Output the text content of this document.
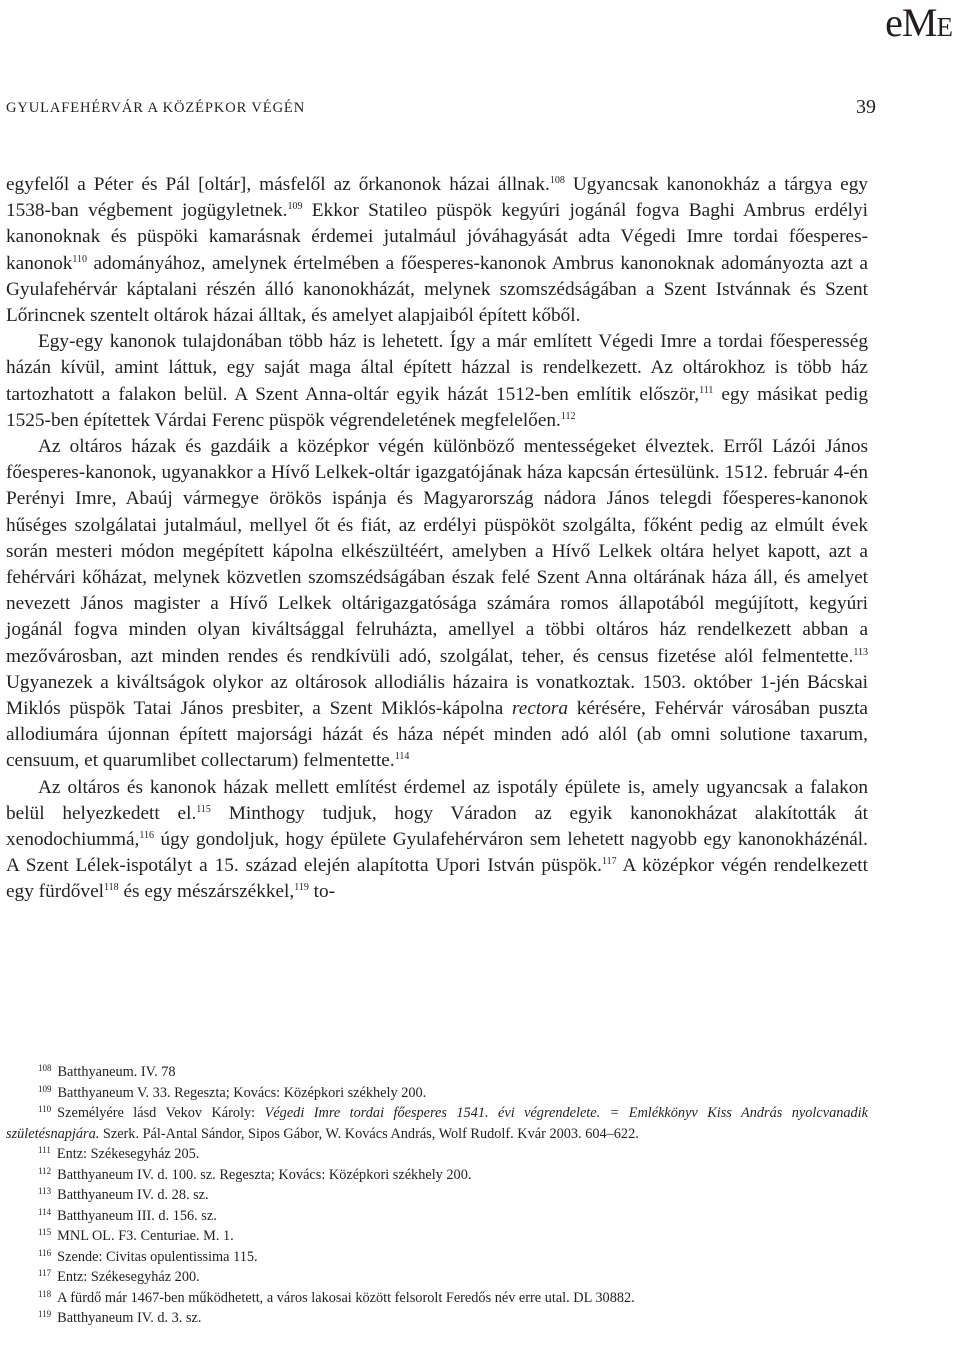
eME
GYULAFEHÉRVÁR A KÖZÉPKOR VÉGÉN	39

egyfelől a Péter és Pál [oltár], másfelől az őrkanonok házai állnak.$^{108}$ Ugyancsak kanonokház a tárgya egy 1538-ban végbement jogügyletnek.$^{109}$ Ekkor Statileo püspök kegyúri jogánál fogva Baghi Ambrus erdélyi kanonoknak és püspöki kamarásnak érdemei jutalmául jóváhagyását adta Végedi Imre tordai főesperes-kanonok$^{110}$ adományához, amelynek értelmében a főesperes-kanonok Ambrus kanonoknak adományozta azt a Gyulafehérvár káptalani részén álló kanonokházát, melynek szomszédságában a Szent Istvánnak és Szent Lőrincnek szentelt oltárok házai álltak, és amelyet alapjaiból épített kőből.

Egy-egy kanonok tulajdonában több ház is lehetett. Így a már említett Végedi Imre a tordai főesperesség házán kívül, amint láttuk, egy saját maga által épített házzal is rendelkezett. Az oltárokhoz is több ház tartozhatott a falakon belül. A Szent Anna-oltár egyik házát 1512-ben említik először,$^{111}$ egy másikat pedig 1525-ben építettek Várdai Ferenc püspök végrendeletének megfelelően.$^{112}$

Az oltáros házak és gazdáik a középkor végén különböző mentességeket élveztek. Erről Lázói János főesperes-kanonok, ugyanakkor a Hívő Lelkek-oltár igazgatójának háza kapcsán értesülünk. 1512. február 4-én Perényi Imre, Abaúj vármegye örökös ispánja és Magyarország nádora János telegdi főesperes-kanonok hűséges szolgálatai jutalmául, mellyel őt és fiát, az erdélyi püspököt szolgálta, főként pedig az elmúlt évek során mesteri módon megépített kápolna elkészültéért, amelyben a Hívő Lelkek oltára helyet kapott, azt a fehérvári kőházat, melynek közvetlen szomszédságában észak felé Szent Anna oltárának háza áll, és amelyet nevezett János magister a Hívő Lelkek oltárigazgatósága számára romos állapotából megújított, kegyúri jogánál fogva minden olyan kiváltsággal felruházta, amellyel a többi oltáros ház rendelkezett abban a mezővárosban, azt minden rendes és rendkívüli adó, szolgálat, teher, és census fizetése alól felmentette.$^{113}$ Ugyanezek a kiváltságok olykor az oltárosok allodiális házaira is vonatkoztak. 1503. október 1-jén Bácskai Miklós püspök Tatai János presbiter, a Szent Miklós-kápolna rectora kérésére, Fehérvár városában puszta allodiumára újonnan épített majorsági házát és háza népét minden adó alól (ab omni solutione taxarum, censuum, et quarumlibet collectarum) felmentette.$^{114}$

Az oltáros és kanonok házak mellett említést érdemel az ispotály épülete is, amely ugyancsak a falakon belül helyezkedett el.$^{115}$ Minthogy tudjuk, hogy Váradon az egyik kanonokházat alakították át xenodochiummá,$^{116}$ úgy gondoljuk, hogy épülete Gyulafehérváron sem lehetett nagyobb egy kanonokházénál. A Szent Lélek-ispotályt a 15. század elején alapította Upori István püspök.$^{117}$ A középkor végén rendelkezett egy fürdővel$^{118}$ és egy mészárszékkel,$^{119}$ to-

$^{108}$ Batthyaneum. IV. 78

$^{109}$ Batthyaneum V. 33. Regeszta; Kovács: Középkori székhely 200.

$^{110}$ Személyére lásd Vekov Károly: Végedi Imre tordai főesperes 1541. évi végrendelete. = Emlékkönyv Kiss András nyolcvanadik születésnapjára. Szerk. Pál-Antal Sándor, Sipos Gábor, W. Kovács András, Wolf Rudolf. Kvár 2003. 604–622.

$^{111}$ Entz: Székesegyház 205.

$^{112}$ Batthyaneum IV. d. 100. sz. Regeszta; Kovács: Középkori székhely 200.

$^{113}$ Batthyaneum IV. d. 28. sz.

$^{114}$ Batthyaneum III. d. 156. sz.

$^{115}$ MNL OL. F3. Centuriae. M. 1.

$^{116}$ Szende: Civitas opulentissima 115.

$^{117}$ Entz: Székesegyház 200.

$^{118}$ A fürdő már 1467-ben működhetett, a város lakosai között felsorolt Feredős név erre utal. DL 30882.

$^{119}$ Batthyaneum IV. d. 3. sz.
